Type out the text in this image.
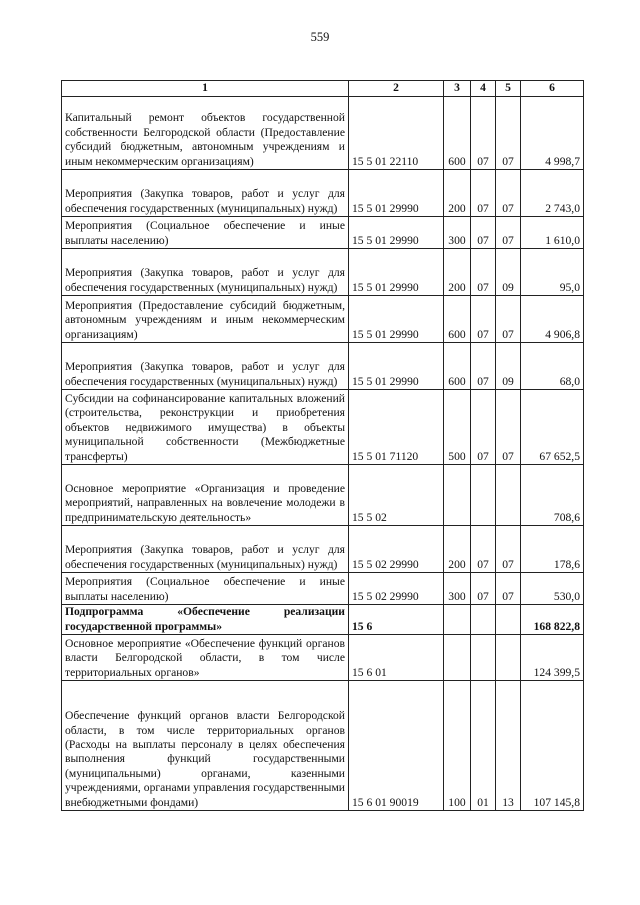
559
1	2	3	4	5	6
Капитальный ремонт объектов государственной собственности Белгородской области (Предоставление субсидий бюджетным, автономным учреждениям и иным некоммерческим организациям)	15 5 01 22110	600	07	07	4 998,7
Мероприятия (Закупка товаров, работ и услуг для обеспечения государственных (муниципальных) нужд)	15 5 01 29990	200	07	07	2 743,0
Мероприятия (Социальное обеспечение и иные выплаты населению)	15 5 01 29990	300	07	07	1 610,0
Мероприятия (Закупка товаров, работ и услуг для обеспечения государственных (муниципальных) нужд)	15 5 01 29990	200	07	09	95,0
Мероприятия (Предоставление субсидий бюджетным, автономным учреждениям и иным некоммерческим организациям)	15 5 01 29990	600	07	07	4 906,8
Мероприятия (Закупка товаров, работ и услуг для обеспечения государственных (муниципальных) нужд)	15 5 01 29990	600	07	09	68,0
Субсидии на софинансирование капитальных вложений (строительства, реконструкции и приобретения объектов недвижимого имущества) в объекты муниципальной собственности (Межбюджетные трансферты)	15 5 01 71120	500	07	07	67 652,5
Основное мероприятие «Организация и проведение мероприятий, направленных на вовлечение молодежи в предпринимательскую деятельность»	15 5 02				708,6
Мероприятия (Закупка товаров, работ и услуг для обеспечения государственных (муниципальных) нужд)	15 5 02 29990	200	07	07	178,6
Мероприятия (Социальное обеспечение и иные выплаты населению)	15 5 02 29990	300	07	07	530,0
Подпрограмма «Обеспечение реализации государственной программы»	15 6				168 822,8
Основное мероприятие «Обеспечение функций органов власти Белгородской области, в том числе территориальных органов»	15 6 01				124 399,5
Обеспечение функций органов власти Белгородской области, в том числе территориальных органов (Расходы на выплаты персоналу в целях обеспечения выполнения функций государственными (муниципальными) органами, казенными учреждениями, органами управления государственными внебюджетными фондами)	15 6 01 90019	100	01	13	107 145,8
